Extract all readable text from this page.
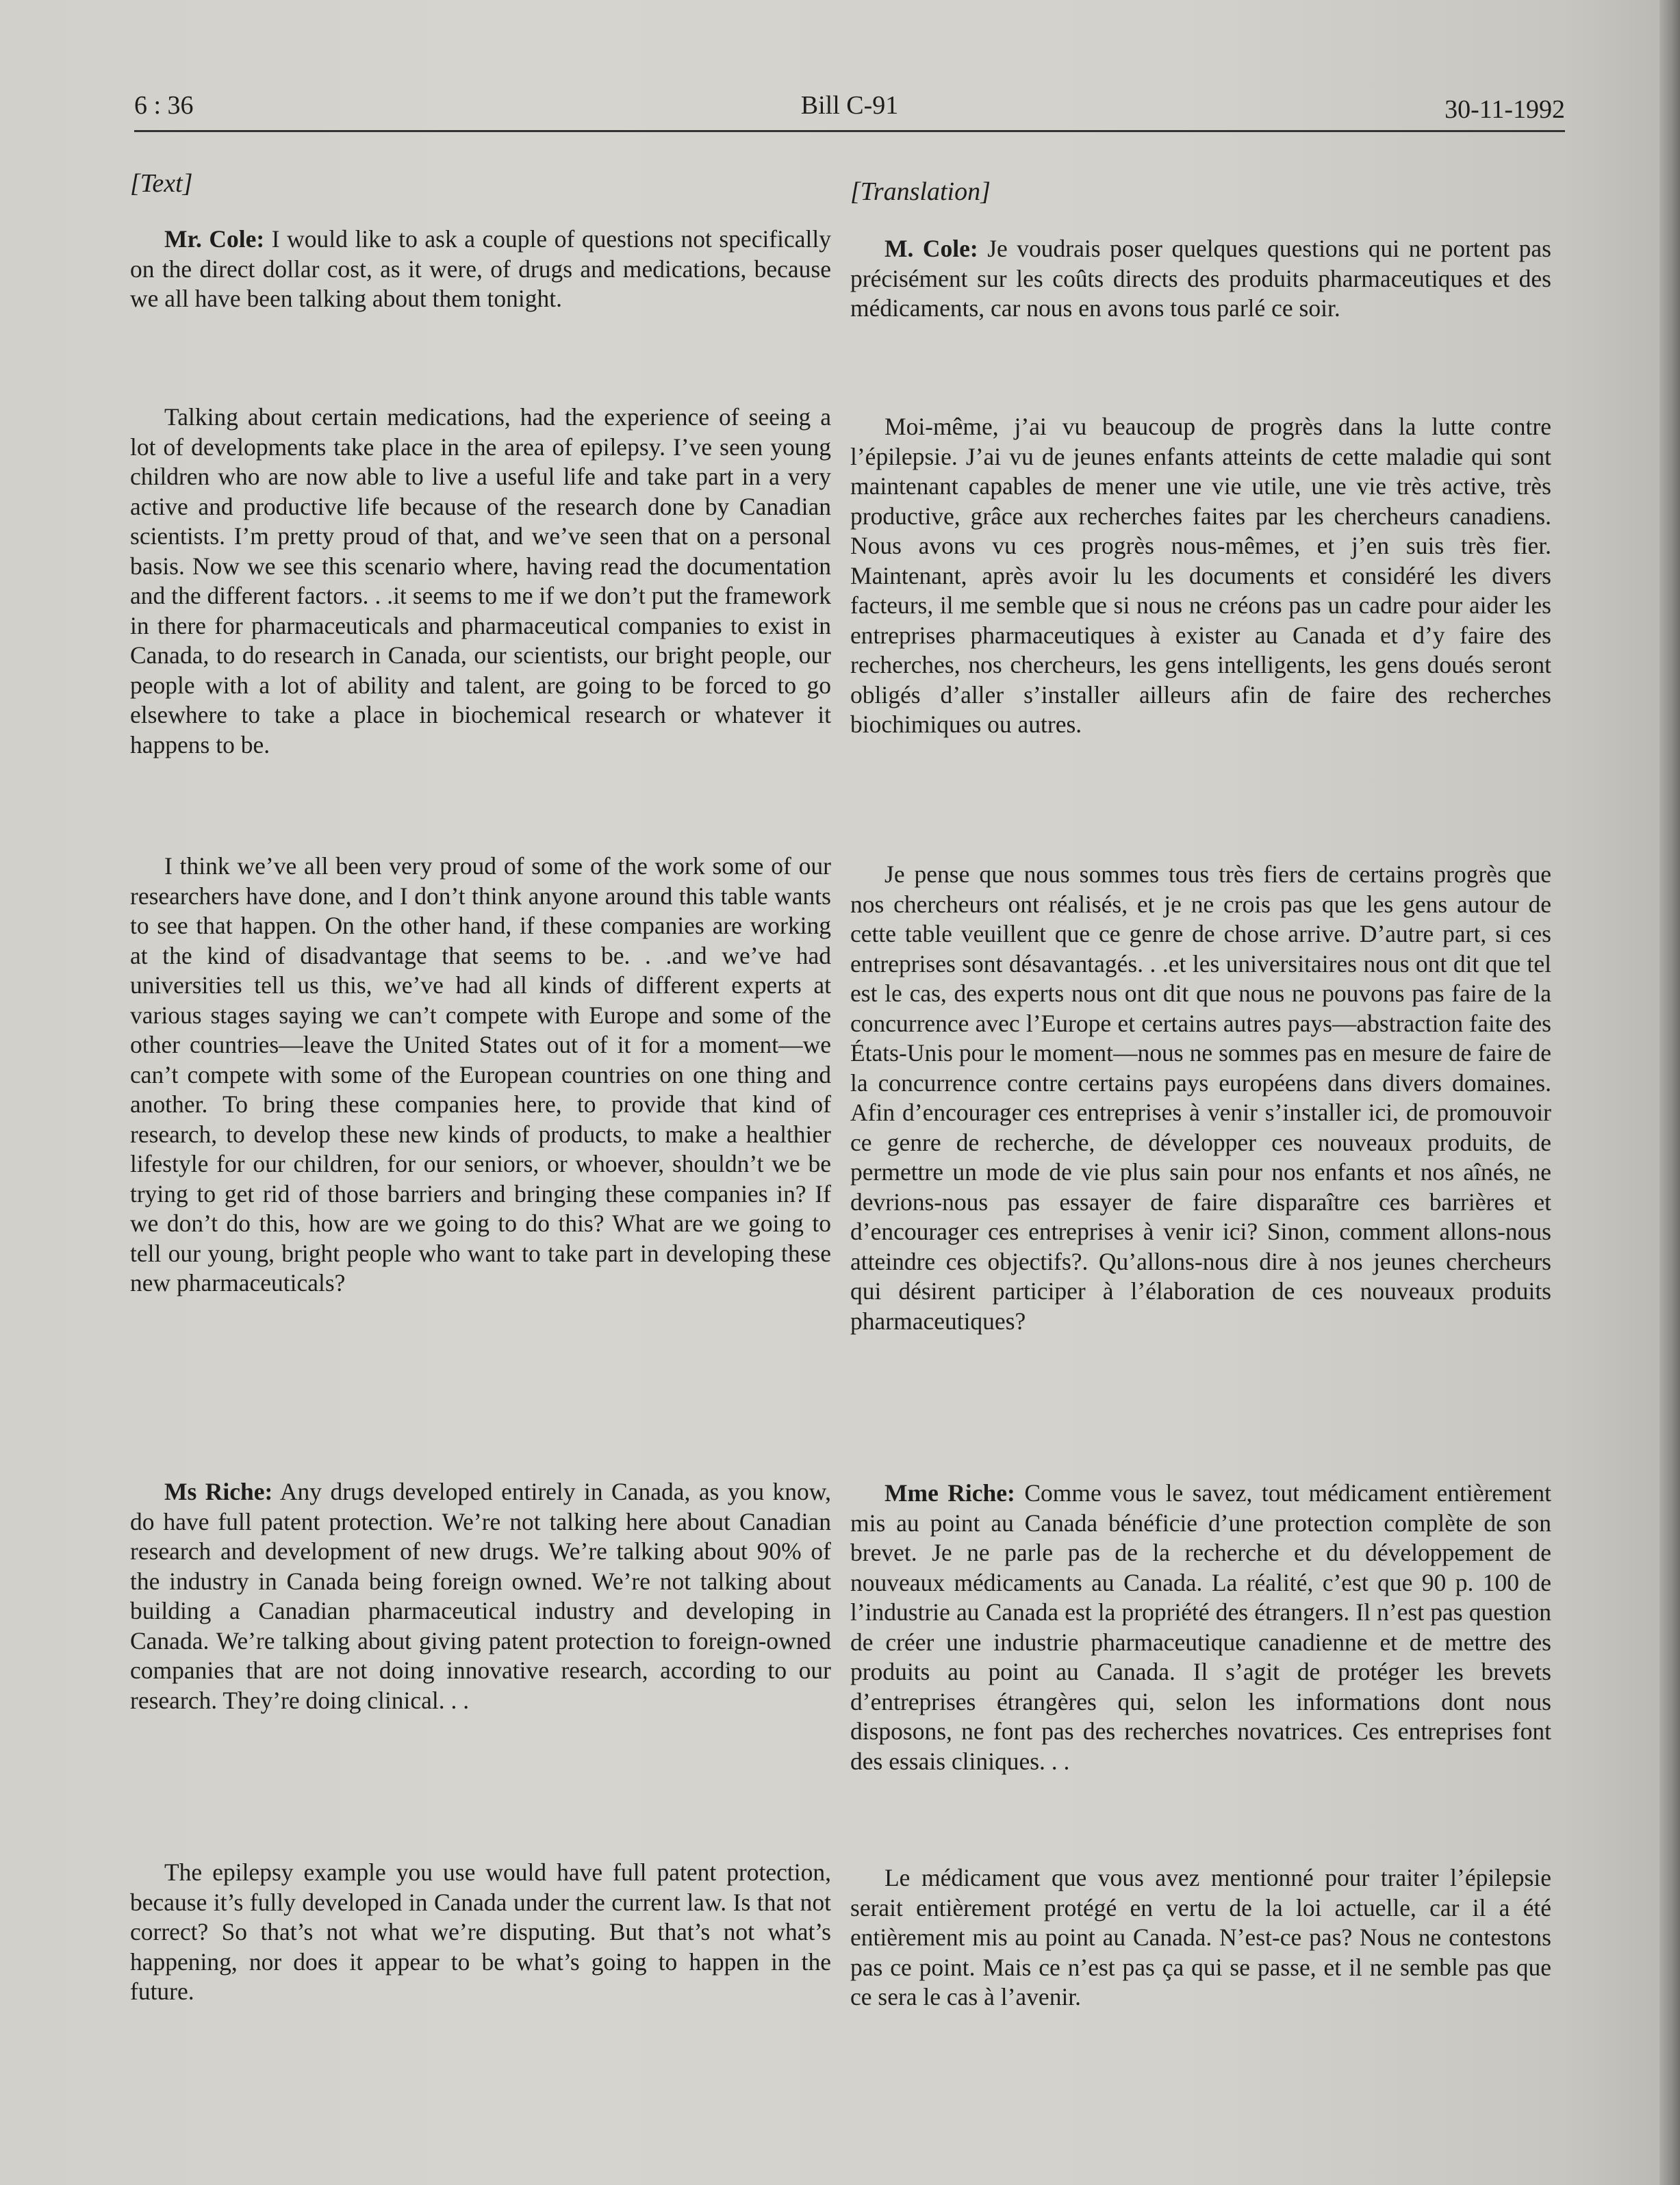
6 : 36	Bill C-91	30-11-1992
[Text]

Mr. Cole: I would like to ask a couple of questions not specifically on the direct dollar cost, as it were, of drugs and medications, because we all have been talking about them tonight.

Talking about certain medications, had the experience of seeing a lot of developments take place in the area of epilepsy. I’ve seen young children who are now able to live a useful life and take part in a very active and productive life because of the research done by Canadian scientists. I’m pretty proud of that, and we’ve seen that on a personal basis. Now we see this scenario where, having read the documentation and the different factors. . .it seems to me if we don’t put the framework in there for pharmaceuticals and pharmaceutical companies to exist in Canada, to do research in Canada, our scientists, our bright people, our people with a lot of ability and talent, are going to be forced to go elsewhere to take a place in biochemical research or whatever it happens to be.

I think we’ve all been very proud of some of the work some of our researchers have done, and I don’t think anyone around this table wants to see that happen. On the other hand, if these companies are working at the kind of disadvantage that seems to be. . .and we’ve had universities tell us this, we’ve had all kinds of different experts at various stages saying we can’t compete with Europe and some of the other countries—leave the United States out of it for a moment—we can’t compete with some of the European countries on one thing and another. To bring these companies here, to provide that kind of research, to develop these new kinds of products, to make a healthier lifestyle for our children, for our seniors, or whoever, shouldn’t we be trying to get rid of those barriers and bringing these companies in? If we don’t do this, how are we going to do this? What are we going to tell our young, bright people who want to take part in developing these new pharmaceuticals?

Ms Riche: Any drugs developed entirely in Canada, as you know, do have full patent protection. We’re not talking here about Canadian research and development of new drugs. We’re talking about 90% of the industry in Canada being foreign owned. We’re not talking about building a Canadian pharmaceutical industry and developing in Canada. We’re talking about giving patent protection to foreign-owned companies that are not doing innovative research, according to our research. They’re doing clinical. . .

The epilepsy example you use would have full patent protection, because it’s fully developed in Canada under the current law. Is that not correct? So that’s not what we’re disputing. But that’s not what’s happening, nor does it appear to be what’s going to happen in the future.

[Translation]

M. Cole: Je voudrais poser quelques questions qui ne portent pas précisément sur les coûts directs des produits pharmaceutiques et des médicaments, car nous en avons tous parlé ce soir.

Moi-même, j’ai vu beaucoup de progrès dans la lutte contre l’épilepsie. J’ai vu de jeunes enfants atteints de cette maladie qui sont maintenant capables de mener une vie utile, une vie très active, très productive, grâce aux recherches faites par les chercheurs canadiens. Nous avons vu ces progrès nous-mêmes, et j’en suis très fier. Maintenant, après avoir lu les documents et considéré les divers facteurs, il me semble que si nous ne créons pas un cadre pour aider les entreprises pharmaceutiques à exister au Canada et d’y faire des recherches, nos chercheurs, les gens intelligents, les gens doués seront obligés d’aller s’installer ailleurs afin de faire des recherches biochimiques ou autres.

Je pense que nous sommes tous très fiers de certains progrès que nos chercheurs ont réalisés, et je ne crois pas que les gens autour de cette table veuillent que ce genre de chose arrive. D’autre part, si ces entreprises sont désavantagés. . .et les universitaires nous ont dit que tel est le cas, des experts nous ont dit que nous ne pouvons pas faire de la concurrence avec l’Europe et certains autres pays—abstraction faite des États-Unis pour le moment—nous ne sommes pas en mesure de faire de la concurrence contre certains pays européens dans divers domaines. Afin d’encourager ces entreprises à venir s’installer ici, de promouvoir ce genre de recherche, de développer ces nouveaux produits, de permettre un mode de vie plus sain pour nos enfants et nos aînés, ne devrions-nous pas essayer de faire disparaître ces barrières et d’encourager ces entreprises à venir ici? Sinon, comment allons-nous atteindre ces objectifs?. Qu’allons-nous dire à nos jeunes chercheurs qui désirent participer à l’élaboration de ces nouveaux produits pharmaceutiques?

Mme Riche: Comme vous le savez, tout médicament entièrement mis au point au Canada bénéficie d’une protection complète de son brevet. Je ne parle pas de la recherche et du développement de nouveaux médicaments au Canada. La réalité, c’est que 90 p. 100 de l’industrie au Canada est la propriété des étrangers. Il n’est pas question de créer une industrie pharmaceutique canadienne et de mettre des produits au point au Canada. Il s’agit de protéger les brevets d’entreprises étrangères qui, selon les informations dont nous disposons, ne font pas des recherches novatrices. Ces entreprises font des essais cliniques. . .

Le médicament que vous avez mentionné pour traiter l’épilepsie serait entièrement protégé en vertu de la loi actuelle, car il a été entièrement mis au point au Canada. N’est-ce pas? Nous ne contestons pas ce point. Mais ce n’est pas ça qui se passe, et il ne semble pas que ce sera le cas à l’avenir.
